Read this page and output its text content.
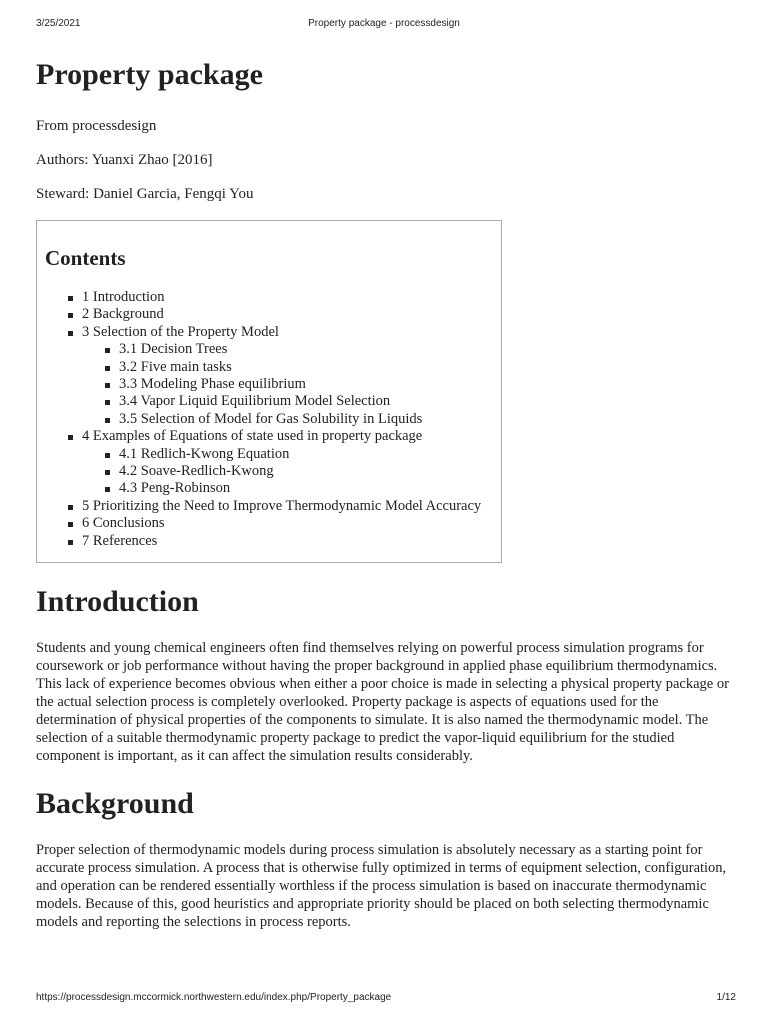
3/25/2021	Property package - processdesign
Property package

From processdesign

Authors: Yuanxi Zhao [2016]

Steward: Daniel Garcia, Fengqi You

Contents
1 Introduction
2 Background
3 Selection of the Property Model
3.1 Decision Trees
3.2 Five main tasks
3.3 Modeling Phase equilibrium
3.4 Vapor Liquid Equilibrium Model Selection
3.5 Selection of Model for Gas Solubility in Liquids
4 Examples of Equations of state used in property package
4.1 Redlich-Kwong Equation
4.2 Soave-Redlich-Kwong
4.3 Peng-Robinson
5 Prioritizing the Need to Improve Thermodynamic Model Accuracy
6 Conclusions
7 References
Introduction

Students and young chemical engineers often find themselves relying on powerful process simulation programs for coursework or job performance without having the proper background in applied phase equilibrium thermodynamics. This lack of experience becomes obvious when either a poor choice is made in selecting a physical property package or the actual selection process is completely overlooked. Property package is aspects of equations used for the determination of physical properties of the components to simulate. It is also named the thermodynamic model. The selection of a suitable thermodynamic property package to predict the vapor-liquid equilibrium for the studied component is important, as it can affect the simulation results considerably.

Background

Proper selection of thermodynamic models during process simulation is absolutely necessary as a starting point for accurate process simulation. A process that is otherwise fully optimized in terms of equipment selection, configuration, and operation can be rendered essentially worthless if the process simulation is based on inaccurate thermodynamic models. Because of this, good heuristics and appropriate priority should be placed on both selecting thermodynamic models and reporting the selections in process reports.

https://processdesign.mccormick.northwestern.edu/index.php/Property_package	1/12
